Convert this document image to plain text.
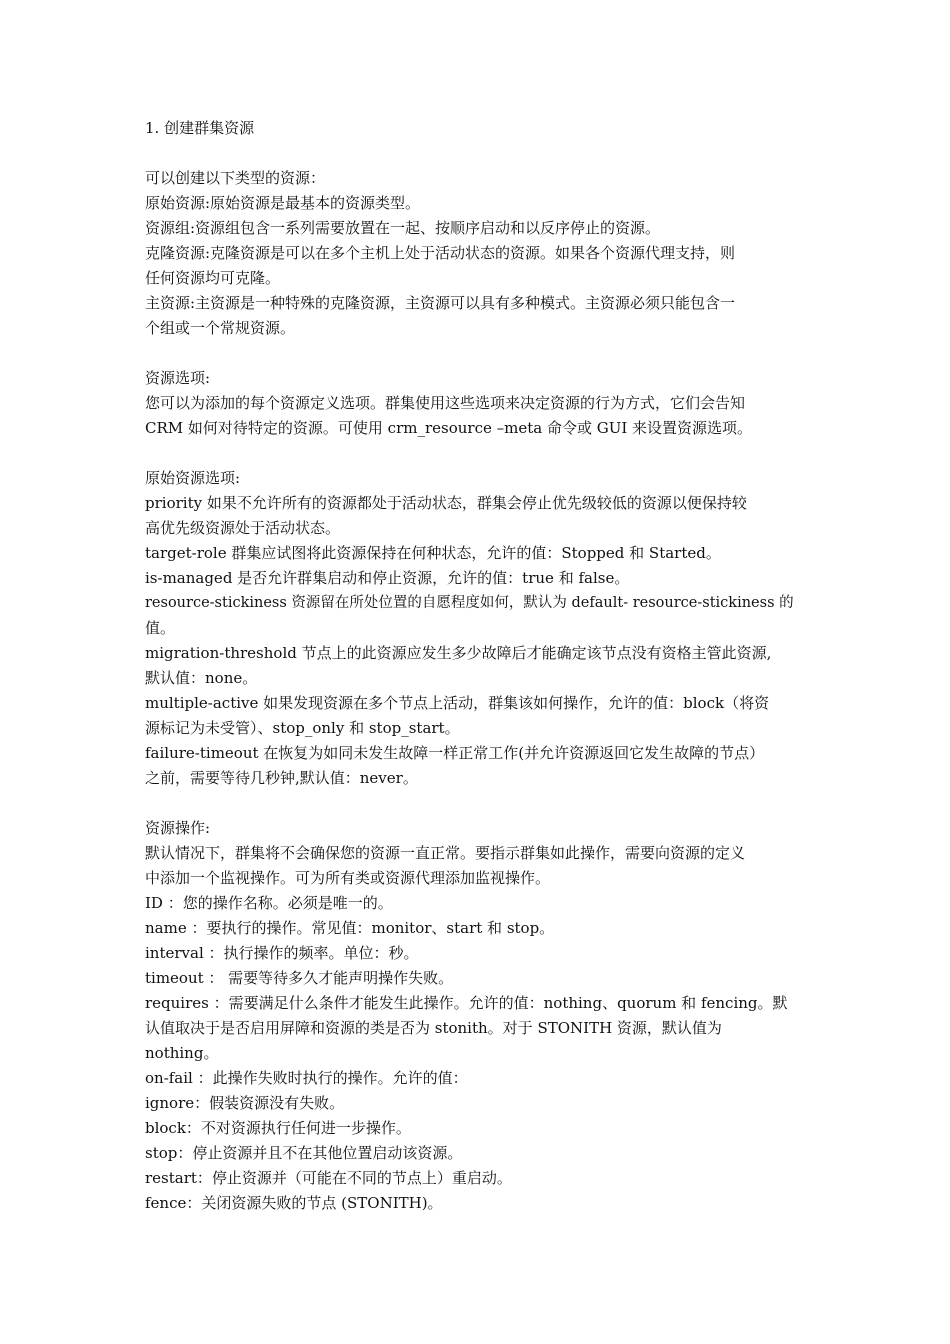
1. 创建群集资源
可以创建以下类型的资源：
原始资源:原始资源是最基本的资源类型。
资源组:资源组包含一系列需要放置在一起、按顺序启动和以反序停止的资源。
克隆资源:克隆资源是可以在多个主机上处于活动状态的资源。如果各个资源代理支持，则
任何资源均可克隆。
主资源:主资源是一种特殊的克隆资源，主资源可以具有多种模式。主资源必须只能包含一
个组或一个常规资源。
资源选项:
您可以为添加的每个资源定义选项。群集使用这些选项来决定资源的行为方式，它们会告知
CRM 如何对待特定的资源。可使用 crm_resource –meta 命令或 GUI 来设置资源选项。
原始资源选项:
priority 如果不允许所有的资源都处于活动状态，群集会停止优先级较低的资源以便保持较
高优先级资源处于活动状态。
target-role 群集应试图将此资源保持在何种状态，允许的值：Stopped 和 Started。
is-managed 是否允许群集启动和停止资源，允许的值：true 和 false。
resource-stickiness 资源留在所处位置的自愿程度如何，默认为 default- resource-stickiness 的
值。
migration-threshold 节点上的此资源应发生多少故障后才能确定该节点没有资格主管此资源,
默认值：none。
multiple-active 如果发现资源在多个节点上活动，群集该如何操作，允许的值：block（将资
源标记为未受管）、stop_only 和 stop_start。
failure-timeout 在恢复为如同未发生故障一样正常工作(并允许资源返回它发生故障的节点）
之前，需要等待几秒钟,默认值：never。
资源操作:
默认情况下，群集将不会确保您的资源一直正常。要指示群集如此操作，需要向资源的定义
中添加一个监视操作。可为所有类或资源代理添加监视操作。
ID ：您的操作名称。必须是唯一的。
name ：要执行的操作。常见值：monitor、start 和 stop。
interval ：执行操作的频率。单位：秒。
timeout ： 需要等待多久才能声明操作失败。
requires ：需要满足什么条件才能发生此操作。允许的值：nothing、quorum 和 fencing。默
认值取决于是否启用屏障和资源的类是否为 stonith。对于 STONITH 资源，默认值为
nothing。
on-fail ：此操作失败时执行的操作。允许的值：
ignore：假装资源没有失败。
block：不对资源执行任何进一步操作。
stop：停止资源并且不在其他位置启动该资源。
restart：停止资源并（可能在不同的节点上）重启动。
fence：关闭资源失败的节点 (STONITH)。
